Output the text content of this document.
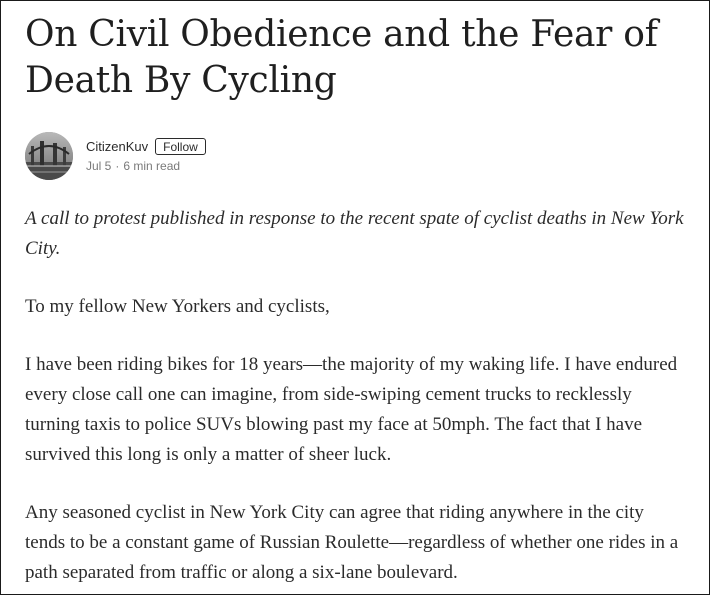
On Civil Obedience and the Fear of Death By Cycling
CitizenKuv	Follow
Jul 5 · 6 min read

A call to protest published in response to the recent spate of cyclist deaths in New York City.

To my fellow New Yorkers and cyclists,

I have been riding bikes for 18 years—the majority of my waking life. I have endured every close call one can imagine, from side-swiping cement trucks to recklessly turning taxis to police SUVs blowing past my face at 50mph. The fact that I have survived this long is only a matter of sheer luck.

Any seasoned cyclist in New York City can agree that riding anywhere in the city tends to be a constant game of Russian Roulette—regardless of whether one rides in a path separated from traffic or along a six-lane boulevard.
